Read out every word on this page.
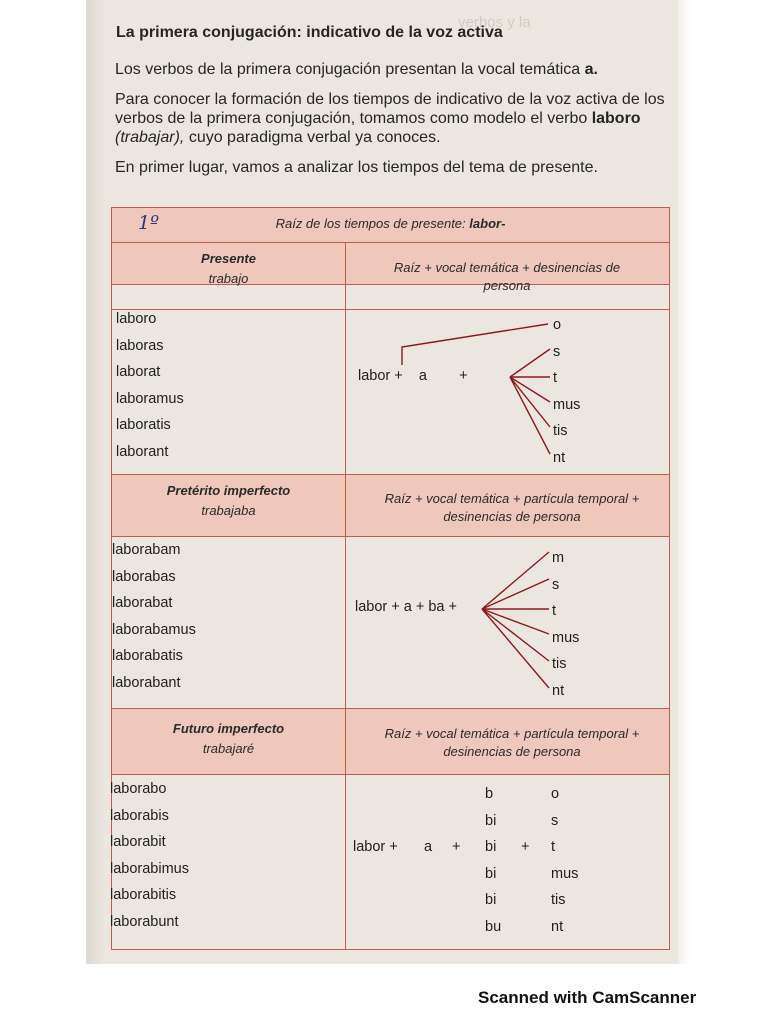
verbos y la
La primera conjugación: indicativo de la voz activa
Los verbos de la primera conjugación presentan la vocal temática a.
Para conocer la formación de los tiempos de indicativo de la voz activa de los verbos de la primera conjugación, tomamos como modelo el verbo laboro (trabajar), cuyo paradigma verbal ya conoces.
En primer lugar, vamos a analizar los tiempos del tema de presente.
1º	Raíz de los tiempos de presente: labor-
Presente
trabajo
Raíz + vocal temática + desinencias de persona
laboro
laboras
laborat
laboramus
laboratis
laborant
labor +    a        +
o
s
t
mus
tis
nt
Pretérito imperfecto
trabajaba
Raíz + vocal temática + partícula temporal + desinencias de persona
laborabam
laborabas
laborabat
laborabamus
laborabatis
laborabant
labor + a + ba +
m
s
t
mus
tis
nt
Futuro imperfecto
trabajaré
Raíz + vocal temática + partícula temporal + desinencias de persona
laborabo
laborabis
laborabit
laborabimus
laborabitis
laborabunt
labor + a +
b
bi
bi
bi
bi
bu
+
o
s
t
mus
tis
nt
Scanned with CamScanner
